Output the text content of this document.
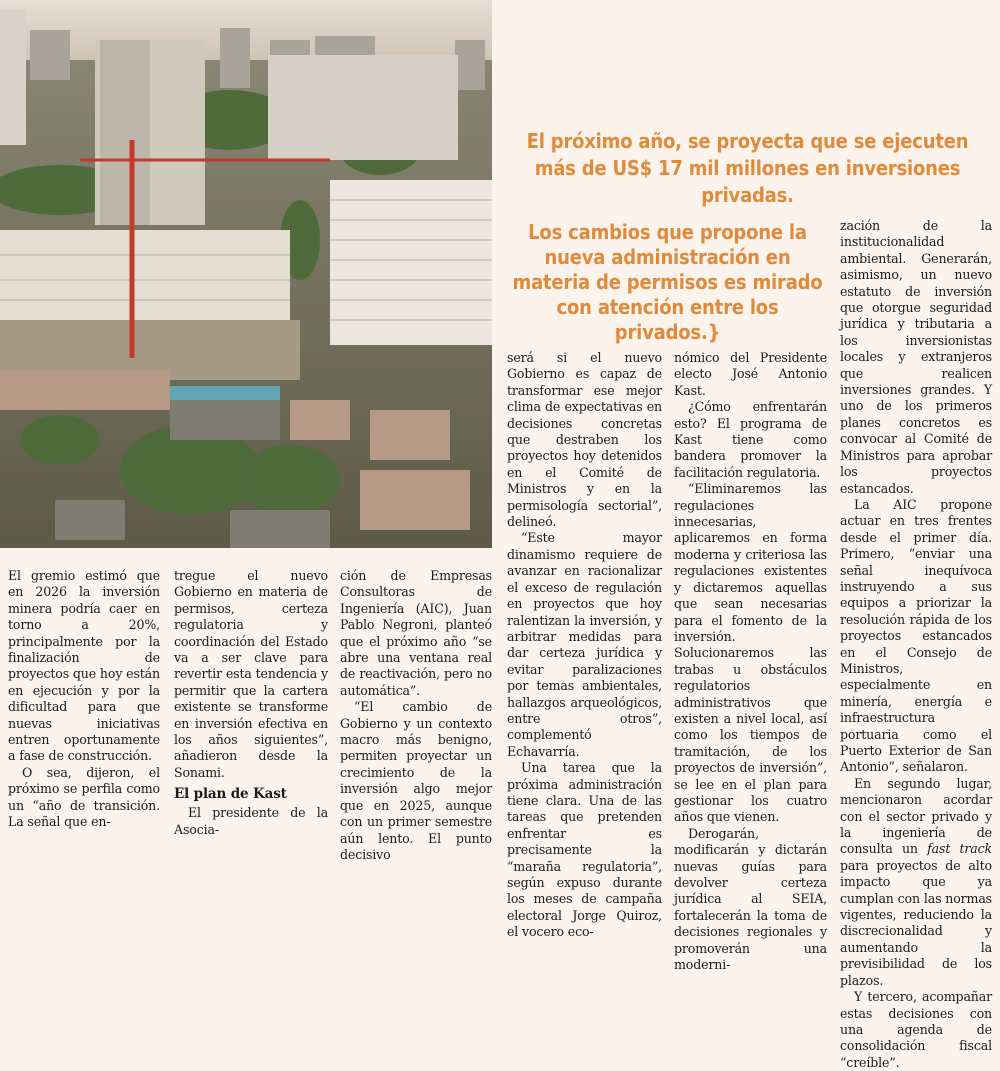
El próximo año, se proyecta que se ejecuten más de US$ 17 mil millones en inversiones privadas.
Los cambios que propone la nueva administración en materia de permisos es mirado con atención entre los privados.}

El gremio estimó que en 2026 la inversión minera podría caer en torno a 20%, principalmente por la finalización de proyectos que hoy están en ejecución y por la dificultad para que nuevas iniciativas entren oportunamente a fase de construcción.

O sea, dijeron, el próximo se perfila como un “año de transición. La señal que en-

tregue el nuevo Gobierno en materia de permisos, certeza regulatoria y coordinación del Estado va a ser clave para revertir esta tendencia y permitir que la cartera existente se transforme en inversión efectiva en los años siguientes”, añadieron desde la Sonami.

El plan de Kast

El presidente de la Asocia-

ción de Empresas Consultoras de Ingeniería (AIC), Juan Pablo Negroni, planteó que el próximo año “se abre una ventana real de reactivación, pero no automática”.

“El cambio de Gobierno y un contexto macro más benigno, permiten proyectar un crecimiento de la inversión algo mejor que en 2025, aunque con un primer semestre aún lento. El punto decisivo

será si el nuevo Gobierno es capaz de transformar ese mejor clima de expectativas en decisiones concretas que destraben los proyectos hoy detenidos en el Comité de Ministros y en la permisología sectorial”, delineó.

“Este mayor dinamismo requiere de avanzar en racionalizar el exceso de regulación en proyectos que hoy ralentizan la inversión, y arbitrar medidas para dar certeza jurídica y evitar paralizaciones por temas ambientales, hallazgos arqueológicos, entre otros”, complementó Echavarría.

Una tarea que la próxima administración tiene clara. Una de las tareas que pretenden enfrentar es precisamente la “maraña regulatoria”, según expuso durante los meses de campaña electoral Jorge Quiroz, el vocero eco-

nómico del Presidente electo José Antonio Kast.

¿Cómo enfrentarán esto? El programa de Kast tiene como bandera promover la facilitación regulatoria.

“Eliminaremos las regulaciones innecesarias, aplicaremos en forma moderna y criteriosa las regulaciones existentes y dictaremos aquellas que sean necesarias para el fomento de la inversión. Solucionaremos las trabas u obstáculos regulatorios administrativos que existen a nivel local, así como los tiempos de tramitación, de los proyectos de inversión”, se lee en el plan para gestionar los cuatro años que vienen.

Derogarán, modificarán y dictarán nuevas guías para devolver certeza jurídica al SEIA, fortalecerán la toma de decisiones regionales y promoverán una moderni-

zación de la institucionalidad ambiental. Generarán, asimismo, un nuevo estatuto de inversión que otorgue seguridad jurídica y tributaria a los inversionistas locales y extranjeros que realicen inversiones grandes. Y uno de los primeros planes concretos es convocar al Comité de Ministros para aprobar los proyectos estancados.

La AIC propone actuar en tres frentes desde el primer día. Primero, “enviar una señal inequívoca instruyendo a sus equipos a priorizar la resolución rápida de los proyectos estancados en el Consejo de Ministros, especialmente en minería, energía e infraestructura portuaria como el Puerto Exterior de San Antonio”, señalaron.

En segundo lugar, mencionaron acordar con el sector privado y la ingeniería de consulta un fast track para proyectos de alto impacto que ya cumplan con las normas vigentes, reduciendo la discrecionalidad y aumentando la previsibilidad de los plazos.

Y tercero, acompañar estas decisiones con una agenda de consolidación fiscal “creíble”.
